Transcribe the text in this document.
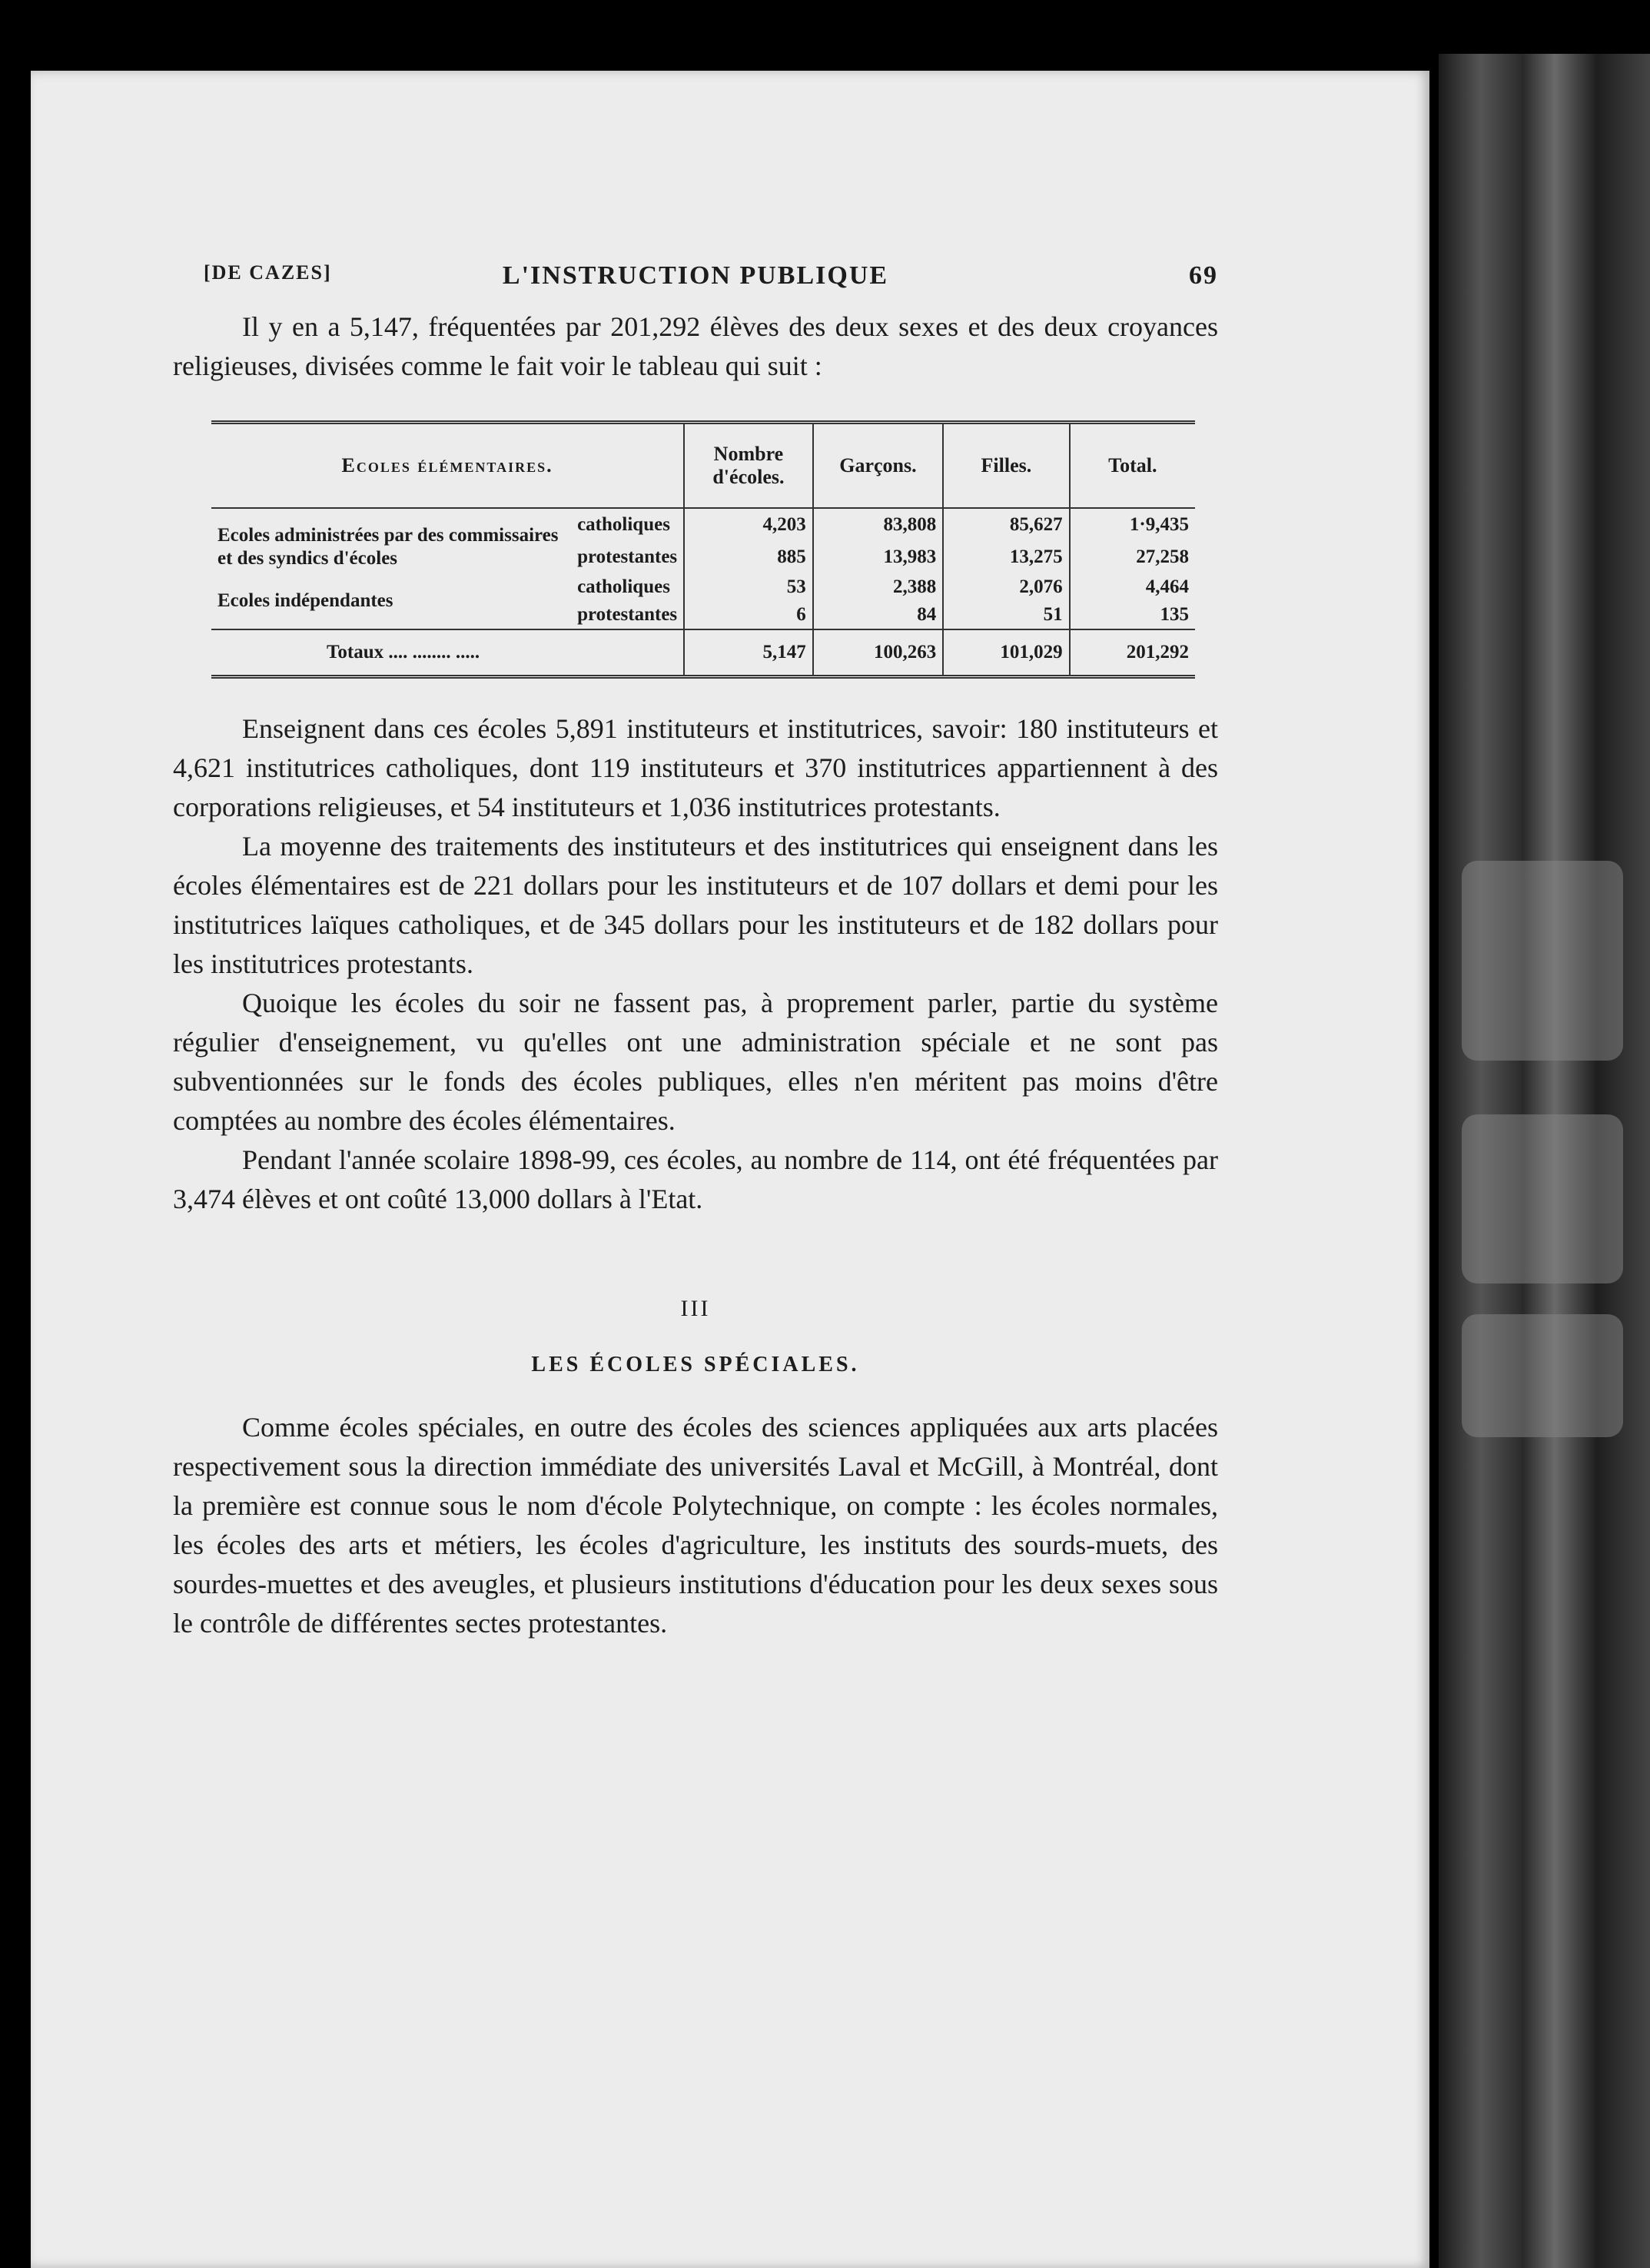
[DE CAZES]	L'INSTRUCTION PUBLIQUE	69

Il y en a 5,147, fréquentées par 201,292 élèves des deux sexes et des deux croyances religieuses, divisées comme le fait voir le tableau qui suit :

Ecoles élémentaires.		Nombre d'écoles.	Garçons.	Filles.	Total.
Ecoles administrées par des commissaires et des syndics d'écoles	catholiques	4,203	83,808	85,627	1⁠·⁠⁠9,435
	protestantes	885	13,983	13,275	27,258
Ecoles indépendantes	catholiques	53	2,388	2,076	4,464
	protestantes	6	84	51	135
Totaux .... ........ .....		5,147	100,263	101,029	201,292

Enseignent dans ces écoles 5,891 instituteurs et institutrices, savoir: 180 instituteurs et 4,621 institutrices catholiques, dont 119 instituteurs et 370 institutrices appartiennent à des corporations religieuses, et 54 instituteurs et 1,036 institutrices protestants.

La moyenne des traitements des instituteurs et des institutrices qui enseignent dans les écoles élémentaires est de 221 dollars pour les instituteurs et de 107 dollars et demi pour les institutrices laïques catholiques, et de 345 dollars pour les instituteurs et de 182 dollars pour les institutrices protestants.

Quoique les écoles du soir ne fassent pas, à proprement parler, partie du système régulier d'enseignement, vu qu'elles ont une administration spéciale et ne sont pas subventionnées sur le fonds des écoles publiques, elles n'en méritent pas moins d'être comptées au nombre des écoles élémentaires.

Pendant l'année scolaire 1898-99, ces écoles, au nombre de 114, ont été fréquentées par 3,474 élèves et ont coûté 13,000 dollars à l'Etat.

III
LES ÉCOLES SPÉCIALES.

Comme écoles spéciales, en outre des écoles des sciences appliquées aux arts placées respectivement sous la direction immédiate des universités Laval et McGill, à Montréal, dont la première est connue sous le nom d'école Polytechnique, on compte : les écoles normales, les écoles des arts et métiers, les écoles d'agriculture, les instituts des sourds-muets, des sourdes-muettes et des aveugles, et plusieurs institutions d'éducation pour les deux sexes sous le contrôle de différentes sectes protestantes.
